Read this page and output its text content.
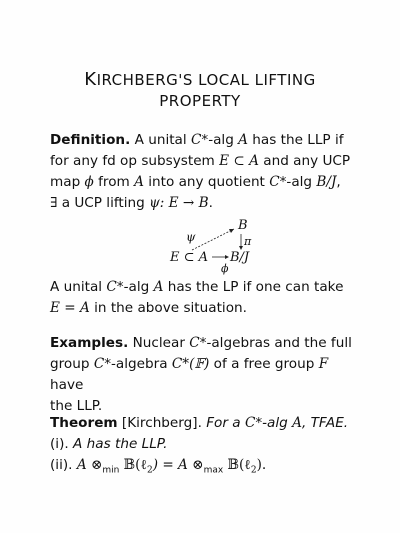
KIRCHBERG'S LOCAL LIFTING
PROPERTY

Definition. A unital C*-alg A has the LLP if

for any fd op subsystem E ⊂ A and any UCP

map ϕ from A into any quotient C*-alg B/J,

∃ a UCP lifting ψ: E → B.

B
π
ψ
E ⊂ A B/J
ϕ

A unital C*-alg A has the LP if one can take

E = A in the above situation.

Examples. Nuclear C*-algebras and the full

group C*-algebra C*(𝔽) of a free group F have

the LLP.

Theorem [Kirchberg]. For a C*-alg A, TFAE.

(i). A has the LLP.

(ii). A $\otimes_{min}$ 𝔹(ℓ$_2$) = A $\otimes_{max}$ 𝔹(ℓ$_2$).
